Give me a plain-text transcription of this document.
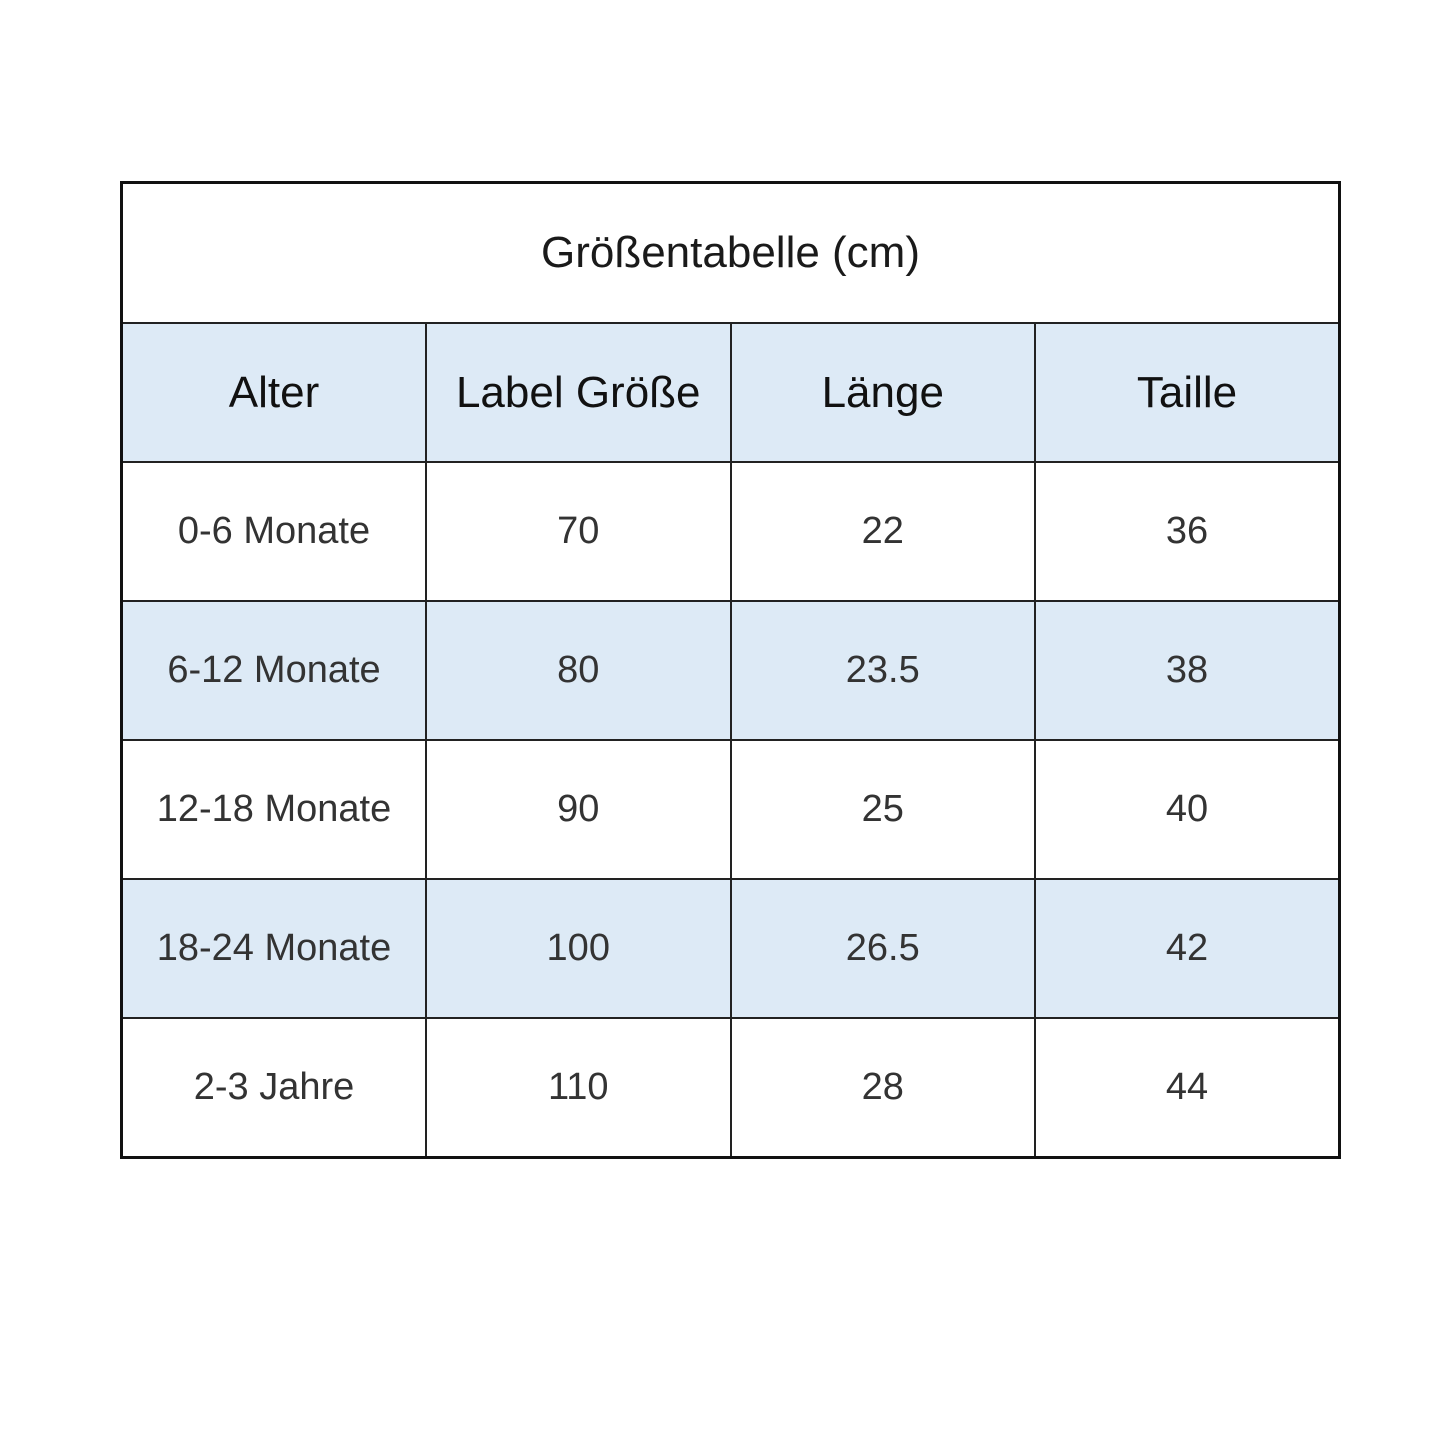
Größentabelle (cm)			
Alter	Label Größe	Länge	Taille
0-6 Monate	70	22	36
6-12 Monate	80	23.5	38
12-18 Monate	90	25	40
18-24 Monate	100	26.5	42
2-3 Jahre	110	28	44
